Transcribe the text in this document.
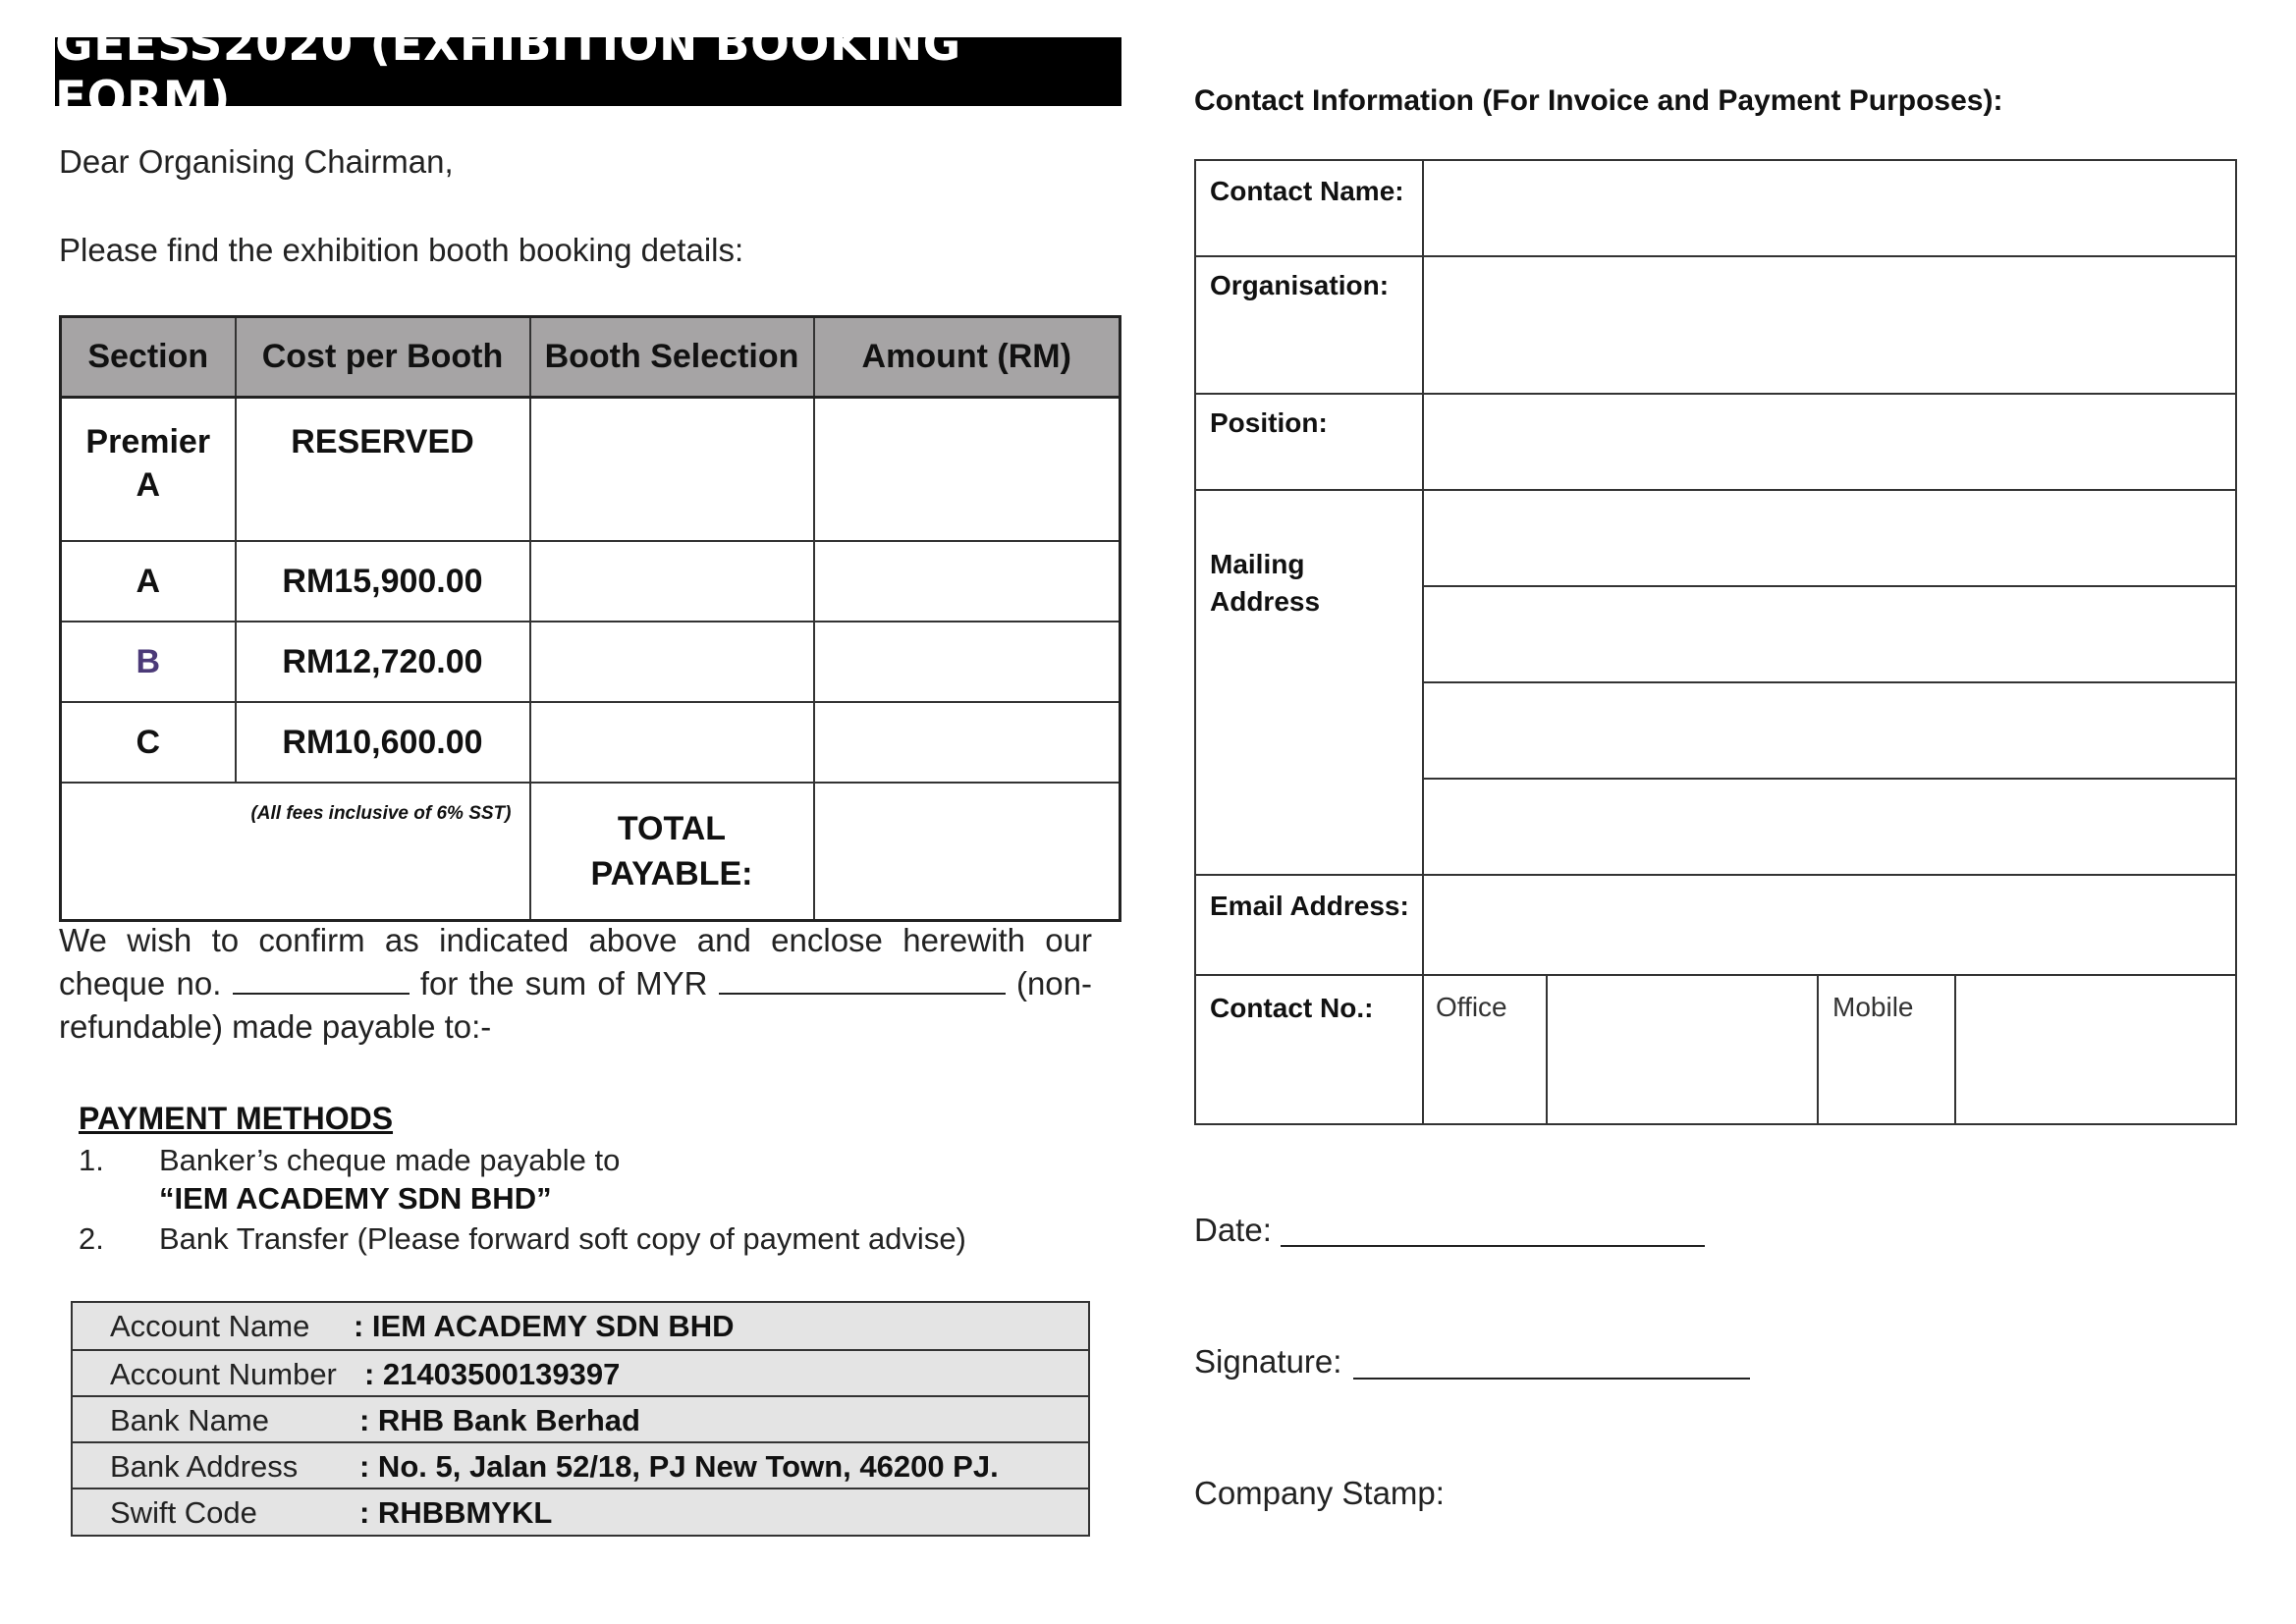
GEESS2020 (EXHIBITION BOOKING FORM)
Dear Organising Chairman,
Please find the exhibition booth booking details:
Section	Cost per Booth	Booth Selection	Amount (RM)
Premier A	RESERVED		
A	RM15,900.00		
B	RM12,720.00		
C	RM10,600.00		
(All fees inclusive of 6% SST)		TOTAL PAYABLE:	
We wish to confirm as indicated above and enclose herewith our cheque no.	for the sum of MYR	(non-refundable) made payable to:-
PAYMENT METHODS
1. Banker’s cheque made payable to
“IEM ACADEMY SDN BHD”
2. Bank Transfer (Please forward soft copy of payment advise)
Account Name : IEM ACADEMY SDN BHD
Account Number : 21403500139397
Bank Name	: RHB Bank Berhad
Bank Address : No. 5, Jalan 52/18, PJ New Town, 46200 PJ.
Swift Code	: RHBBMYKL
Contact Information (For Invoice and Payment Purposes):
Contact Name:
Organisation:
Position:
Mailing
Address
Email Address:
Contact No.: Office	Mobile
Date:
Signature:
Company Stamp:
